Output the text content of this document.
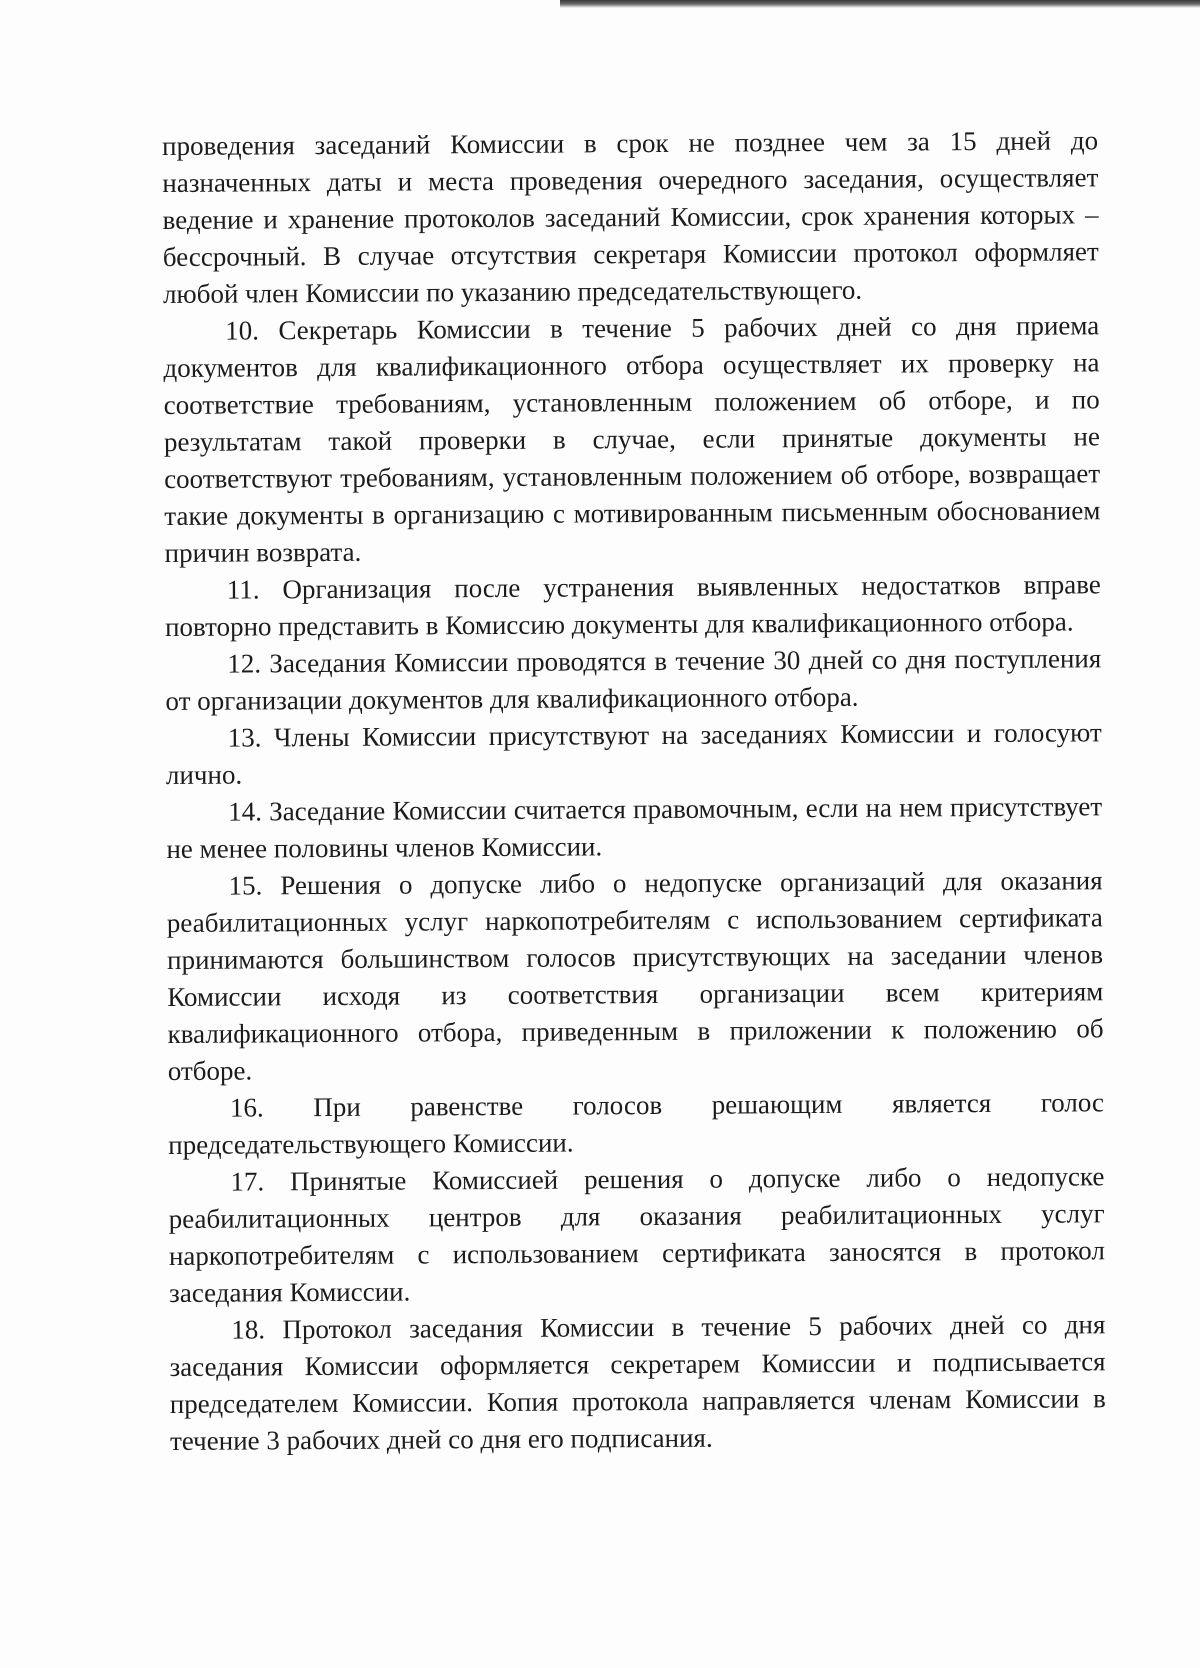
проведения заседаний Комиссии в срок не позднее чем за 15 дней до назначенных даты и места проведения очередного заседания, осуществляет ведение и хранение протоколов заседаний Комиссии, срок хранения которых – бессрочный. В случае отсутствия секретаря Комиссии протокол оформляет любой член Комиссии по указанию председательствующего.

10. Секретарь Комиссии в течение 5 рабочих дней со дня приема документов для квалификационного отбора осуществляет их проверку на соответствие требованиям, установленным положением об отборе, и по результатам такой проверки в случае, если принятые документы не соответствуют требованиям, установленным положением об отборе, возвращает такие документы в организацию с мотивированным письменным обоснованием причин возврата.

11. Организация после устранения выявленных недостатков вправе повторно представить в Комиссию документы для квалификационного отбора.

12. Заседания Комиссии проводятся в течение 30 дней со дня поступления от организации документов для квалификационного отбора.

13. Члены Комиссии присутствуют на заседаниях Комиссии и голосуют лично.

14. Заседание Комиссии считается правомочным, если на нем присутствует не менее половины членов Комиссии.

15. Решения о допуске либо о недопуске организаций для оказания реабилитационных услуг наркопотребителям с использованием сертификата принимаются большинством голосов присутствующих на заседании членов Комиссии исходя из соответствия организации всем критериям квалификационного отбора, приведенным в приложении к положению об отборе.

16. При равенстве голосов решающим является голос председательствующего Комиссии.

17. Принятые Комиссией решения о допуске либо о недопуске реабилитационных центров для оказания реабилитационных услуг наркопотребителям с использованием сертификата заносятся в протокол заседания Комиссии.

18. Протокол заседания Комиссии в течение 5 рабочих дней со дня заседания Комиссии оформляется секретарем Комиссии и подписывается председателем Комиссии. Копия протокола направляется членам Комиссии в течение 3 рабочих дней со дня его подписания.
